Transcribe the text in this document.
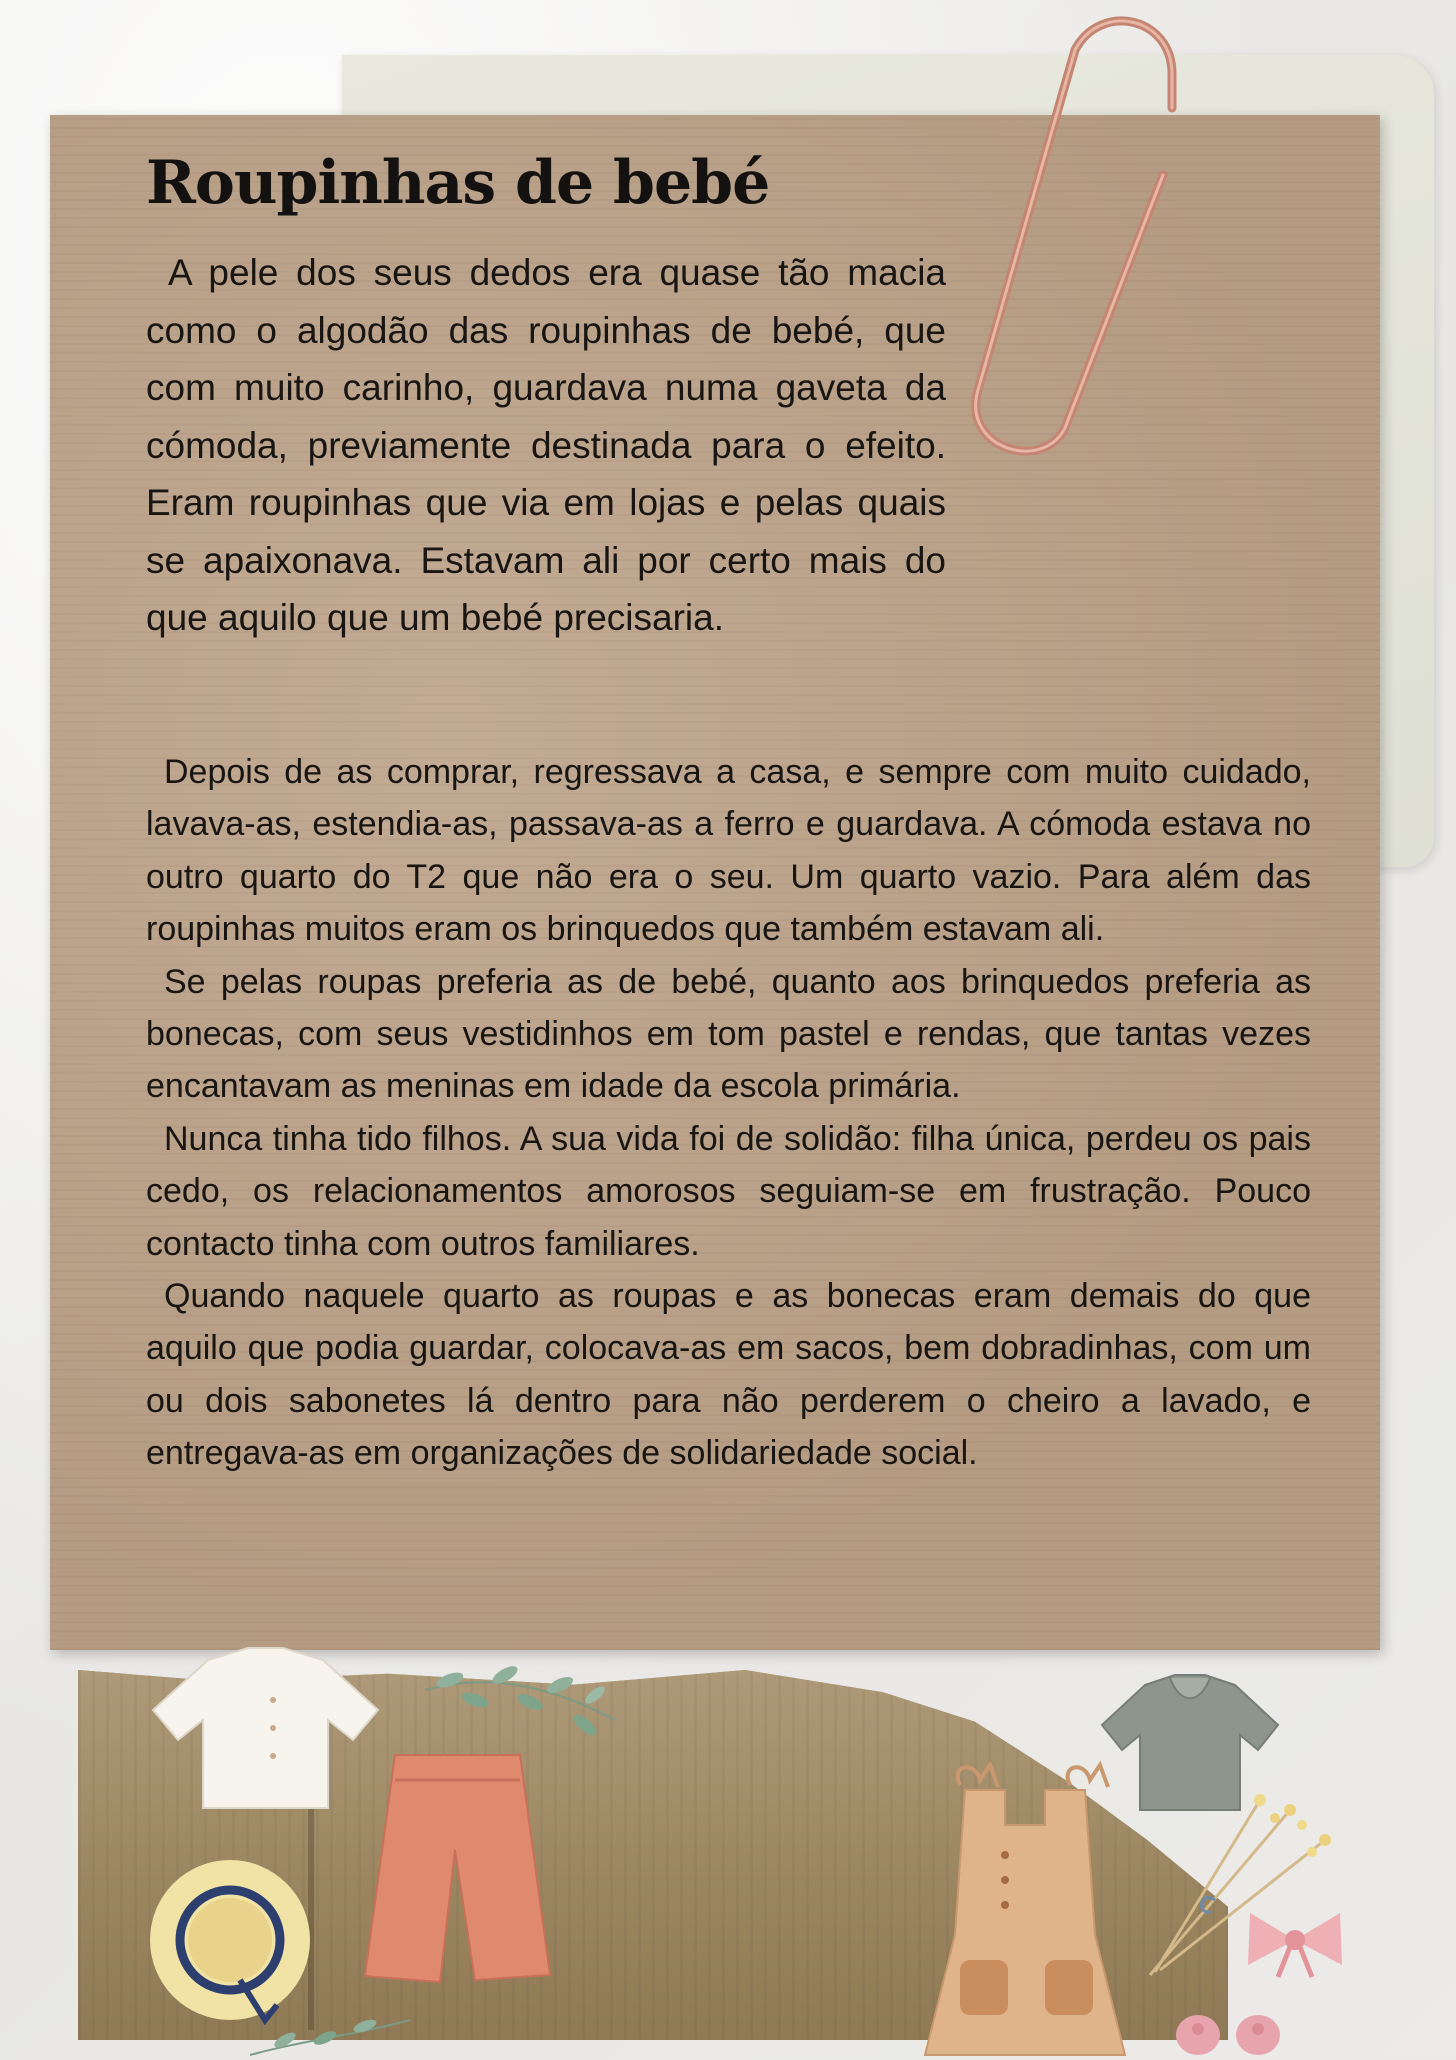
Roupinhas de bebé

A pele dos seus dedos era quase tão macia como o algodão das roupinhas de bebé, que com muito carinho, guardava numa gaveta da cómoda, previamente destinada para o efeito. Eram roupinhas que via em lojas e pelas quais se apaixonava. Estavam ali por certo mais do que aquilo que um bebé precisaria.

Depois de as comprar, regressava a casa, e sempre com muito cuidado, lavava-as, estendia-as, passava-as a ferro e guardava. A cómoda estava no outro quarto do T2 que não era o seu. Um quarto vazio. Para além das roupinhas muitos eram os brinquedos que também estavam ali.

Se pelas roupas preferia as de bebé, quanto aos brinquedos preferia as bonecas, com seus vestidinhos em tom pastel e rendas, que tantas vezes encantavam as meninas em idade da escola primária.

Nunca tinha tido filhos. A sua vida foi de solidão: filha única, perdeu os pais cedo, os relacionamentos amorosos seguiam-se em frustração. Pouco contacto tinha com outros familiares.

Quando naquele quarto as roupas e as bonecas eram demais do que aquilo que podia guardar, colocava-as em sacos, bem dobradinhas, com um ou dois sabonetes lá dentro para não perderem o cheiro a lavado, e entregava-as em organizações de solidariedade social.
